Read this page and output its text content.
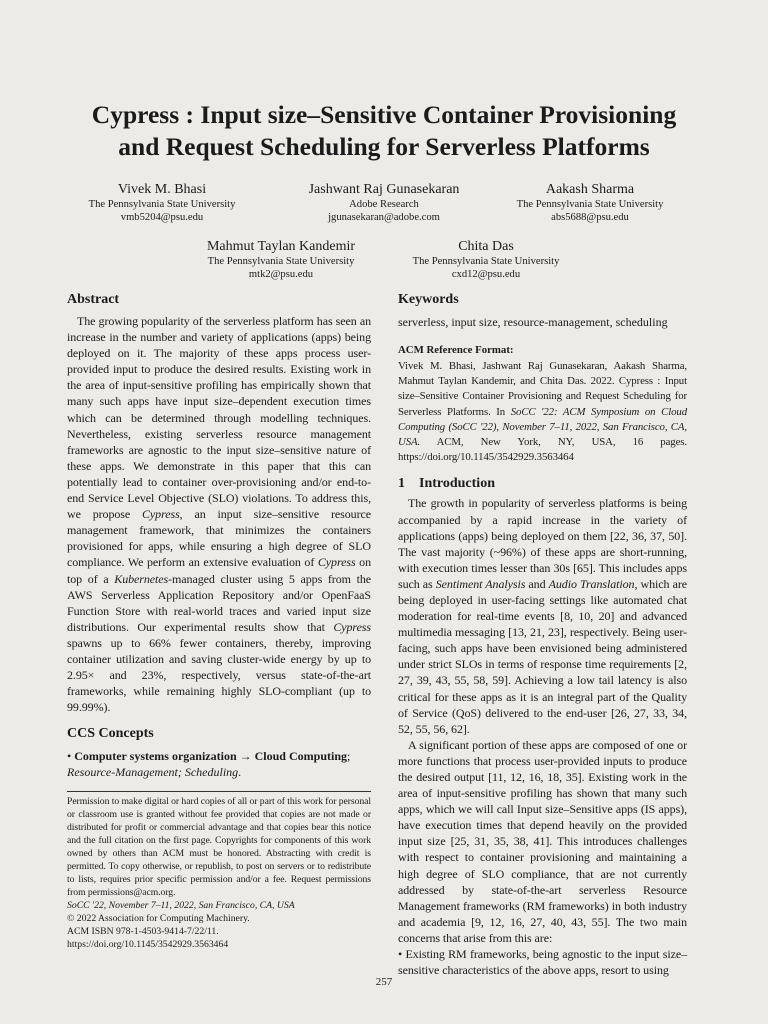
Cypress : Input size–Sensitive Container Provisioning
and Request Scheduling for Serverless Platforms
Vivek M. Bhasi
The Pennsylvania State University
vmb5204@psu.edu
Jashwant Raj Gunasekaran
Adobe Research
jgunasekaran@adobe.com
Aakash Sharma
The Pennsylvania State University
abs5688@psu.edu
Mahmut Taylan Kandemir
The Pennsylvania State University
mtk2@psu.edu
Chita Das
The Pennsylvania State University
cxd12@psu.edu
Abstract

The growing popularity of the serverless platform has seen an increase in the number and variety of applications (apps) being deployed on it. The majority of these apps process user-provided input to produce the desired results. Existing work in the area of input-sensitive profiling has empirically shown that many such apps have input size–dependent execution times which can be determined through modelling techniques. Nevertheless, existing serverless resource management frameworks are agnostic to the input size–sensitive nature of these apps. We demonstrate in this paper that this can potentially lead to container over-provisioning and/or end-to-end Service Level Objective (SLO) violations. To address this, we propose Cypress, an input size–sensitive resource management framework, that minimizes the containers provisioned for apps, while ensuring a high degree of SLO compliance. We perform an extensive evaluation of Cypress on top of a Kubernetes-managed cluster using 5 apps from the AWS Serverless Application Repository and/or OpenFaaS Function Store with real-world traces and varied input size distributions. Our experimental results show that Cypress spawns up to 66% fewer containers, thereby, improving container utilization and saving cluster-wide energy by up to 2.95× and 23%, respectively, versus state-of-the-art frameworks, while remaining highly SLO-compliant (up to 99.99%).

CCS Concepts

• Computer systems organization → Cloud Computing; Resource-Management; Scheduling.

Permission to make digital or hard copies of all or part of this work for personal or classroom use is granted without fee provided that copies are not made or distributed for profit or commercial advantage and that copies bear this notice and the full citation on the first page. Copyrights for components of this work owned by others than ACM must be honored. Abstracting with credit is permitted. To copy otherwise, or republish, to post on servers or to redistribute to lists, requires prior specific permission and/or a fee. Request permissions from permissions@acm.org.

SoCC '22, November 7–11, 2022, San Francisco, CA, USA

© 2022 Association for Computing Machinery.

ACM ISBN 978-1-4503-9414-7/22/11.

https://doi.org/10.1145/3542929.3563464

Keywords

serverless, input size, resource-management, scheduling

ACM Reference Format:

Vivek M. Bhasi, Jashwant Raj Gunasekaran, Aakash Sharma, Mahmut Taylan Kandemir, and Chita Das. 2022. Cypress : Input size–Sensitive Container Provisioning and Request Scheduling for Serverless Platforms. In SoCC '22: ACM Symposium on Cloud Computing (SoCC '22), November 7–11, 2022, San Francisco, CA, USA. ACM, New York, NY, USA, 16 pages. https://doi.org/10.1145/3542929.3563464

1 Introduction

The growth in popularity of serverless platforms is being accompanied by a rapid increase in the variety of applications (apps) being deployed on them [22, 36, 37, 50]. The vast majority (~96%) of these apps are short-running, with execution times lesser than 30s [65]. This includes apps such as Sentiment Analysis and Audio Translation, which are being deployed in user-facing settings like automated chat moderation for real-time events [8, 10, 20] and advanced multimedia messaging [13, 21, 23], respectively. Being user-facing, such apps have been envisioned being administered under strict SLOs in terms of response time requirements [2, 27, 39, 43, 55, 58, 59]. Achieving a low tail latency is also critical for these apps as it is an integral part of the Quality of Service (QoS) delivered to the end-user [26, 27, 33, 34, 52, 55, 56, 62].

A significant portion of these apps are composed of one or more functions that process user-provided inputs to produce the desired output [11, 12, 16, 18, 35]. Existing work in the area of input-sensitive profiling has shown that many such apps, which we will call Input size–Sensitive apps (IS apps), have execution times that depend heavily on the provided input size [25, 31, 35, 38, 41]. This introduces challenges with respect to container provisioning and maintaining a high degree of SLO compliance, that are not currently addressed by state-of-the-art serverless Resource Management frameworks (RM frameworks) in both industry and academia [9, 12, 16, 27, 40, 43, 55]. The two main concerns that arise from this are:

• Existing RM frameworks, being agnostic to the input size–sensitive characteristics of the above apps, resort to using

257
